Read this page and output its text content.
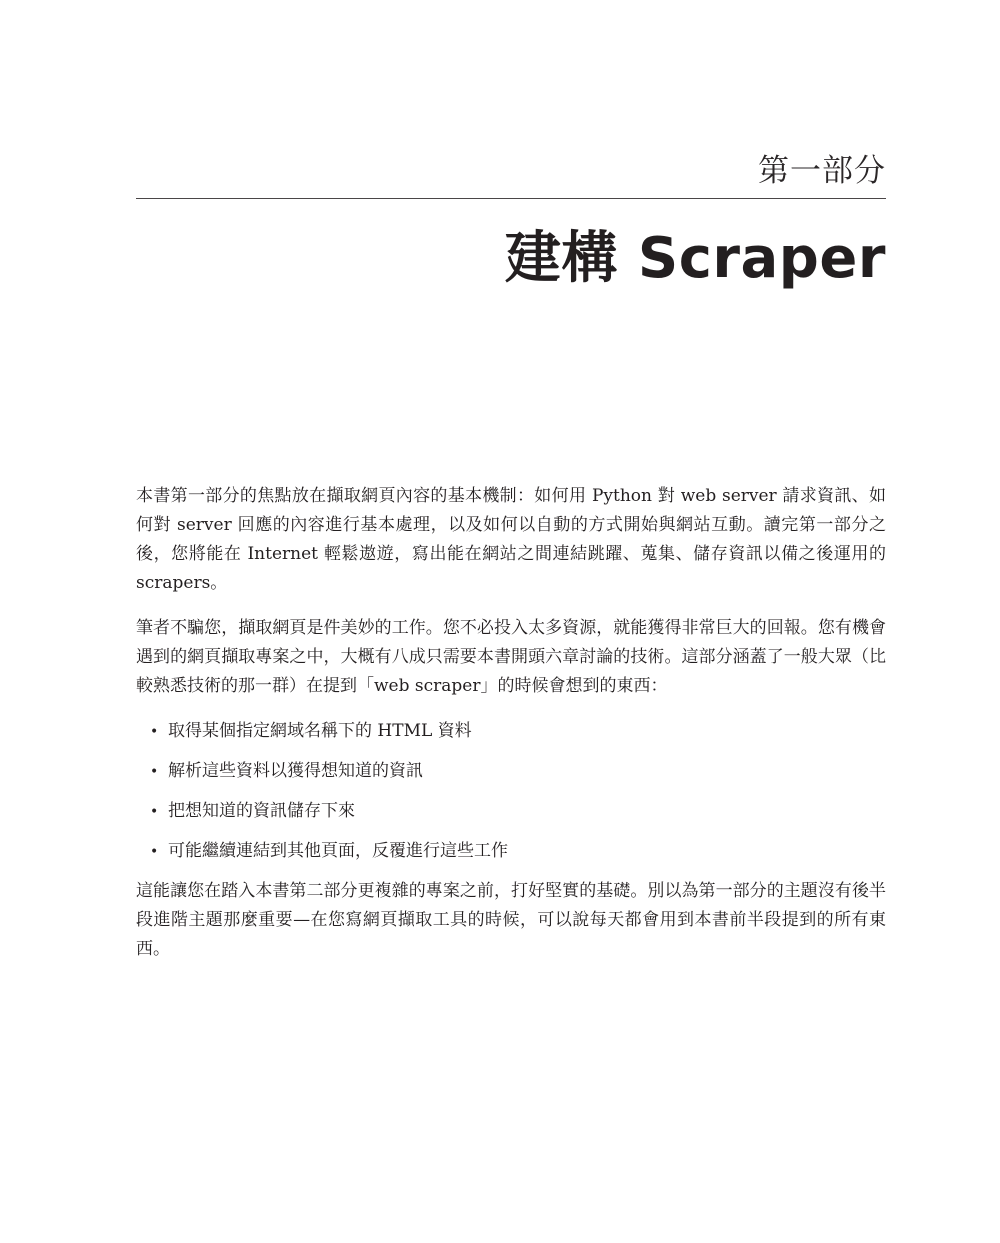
第一部分
建構 Scraper

本書第一部分的焦點放在擷取網頁內容的基本機制：如何用 Python 對 web server 請求資訊、如何對 server 回應的內容進行基本處理，以及如何以自動的方式開始與網站互動。讀完第一部分之後，您將能在 Internet 輕鬆遨遊，寫出能在網站之間連結跳躍、蒐集、儲存資訊以備之後運用的 scrapers。

筆者不騙您，擷取網頁是件美妙的工作。您不必投入太多資源，就能獲得非常巨大的回報。您有機會遇到的網頁擷取專案之中，大概有八成只需要本書開頭六章討論的技術。這部分涵蓋了一般大眾（比較熟悉技術的那一群）在提到「web scraper」的時候會想到的東西：

• 取得某個指定網域名稱下的 HTML 資料
• 解析這些資料以獲得想知道的資訊
• 把想知道的資訊儲存下來
• 可能繼續連結到其他頁面，反覆進行這些工作

這能讓您在踏入本書第二部分更複雜的專案之前，打好堅實的基礎。別以為第一部分的主題沒有後半段進階主題那麼重要—在您寫網頁擷取工具的時候，可以說每天都會用到本書前半段提到的所有東西。
